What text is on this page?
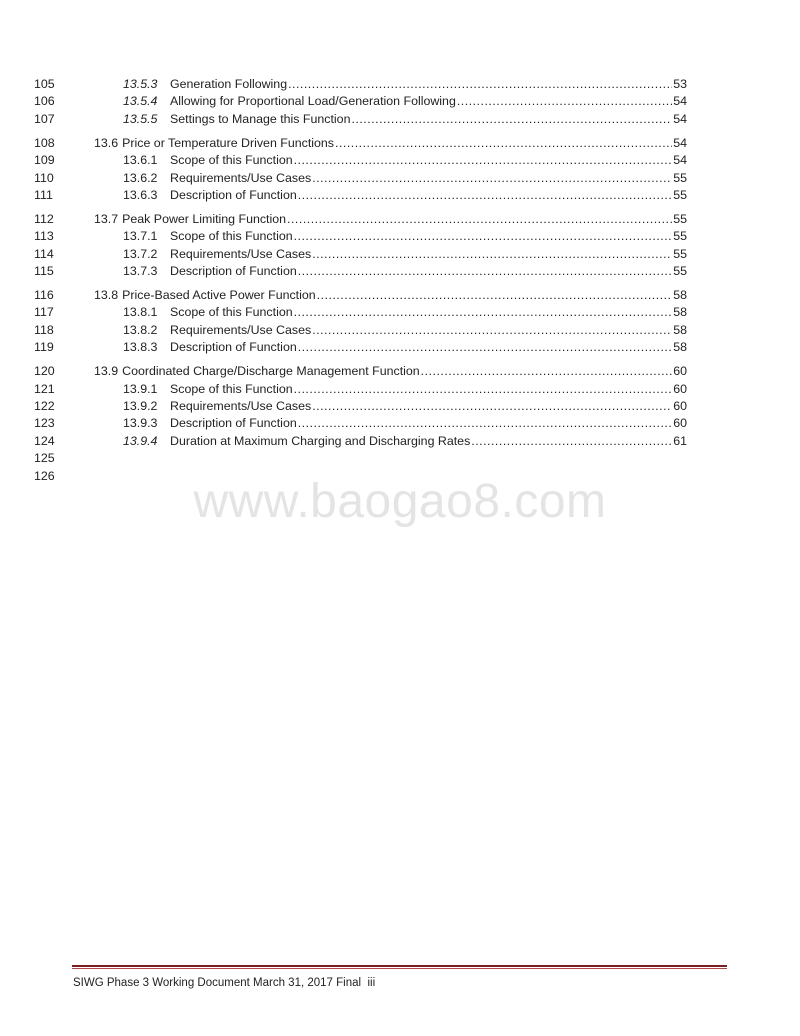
105	13.5.3	Generation Following .....	53
106	13.5.4	Allowing for Proportional Load/Generation Following .....	54
107	13.5.5	Settings to Manage this Function .....	54
108	13.6 Price or Temperature Driven Functions .....	54
109	13.6.1	Scope of this Function .....	54
110	13.6.2	Requirements/Use Cases .....	55
111	13.6.3	Description of Function .....	55
112	13.7 Peak Power Limiting Function .....	55
113	13.7.1	Scope of this Function .....	55
114	13.7.2	Requirements/Use Cases .....	55
115	13.7.3	Description of Function .....	55
116	13.8 Price-Based Active Power Function .....	58
117	13.8.1	Scope of this Function .....	58
118	13.8.2	Requirements/Use Cases .....	58
119	13.8.3	Description of Function .....	58
120	13.9 Coordinated Charge/Discharge Management Function .....	60
121	13.9.1	Scope of this Function .....	60
122	13.9.2	Requirements/Use Cases .....	60
123	13.9.3	Description of Function .....	60
124	13.9.4	Duration at Maximum Charging and Discharging Rates .....	61
125
126	www.baogao8.com
SIWG Phase 3 Working Document March 31, 2017 Final iii
